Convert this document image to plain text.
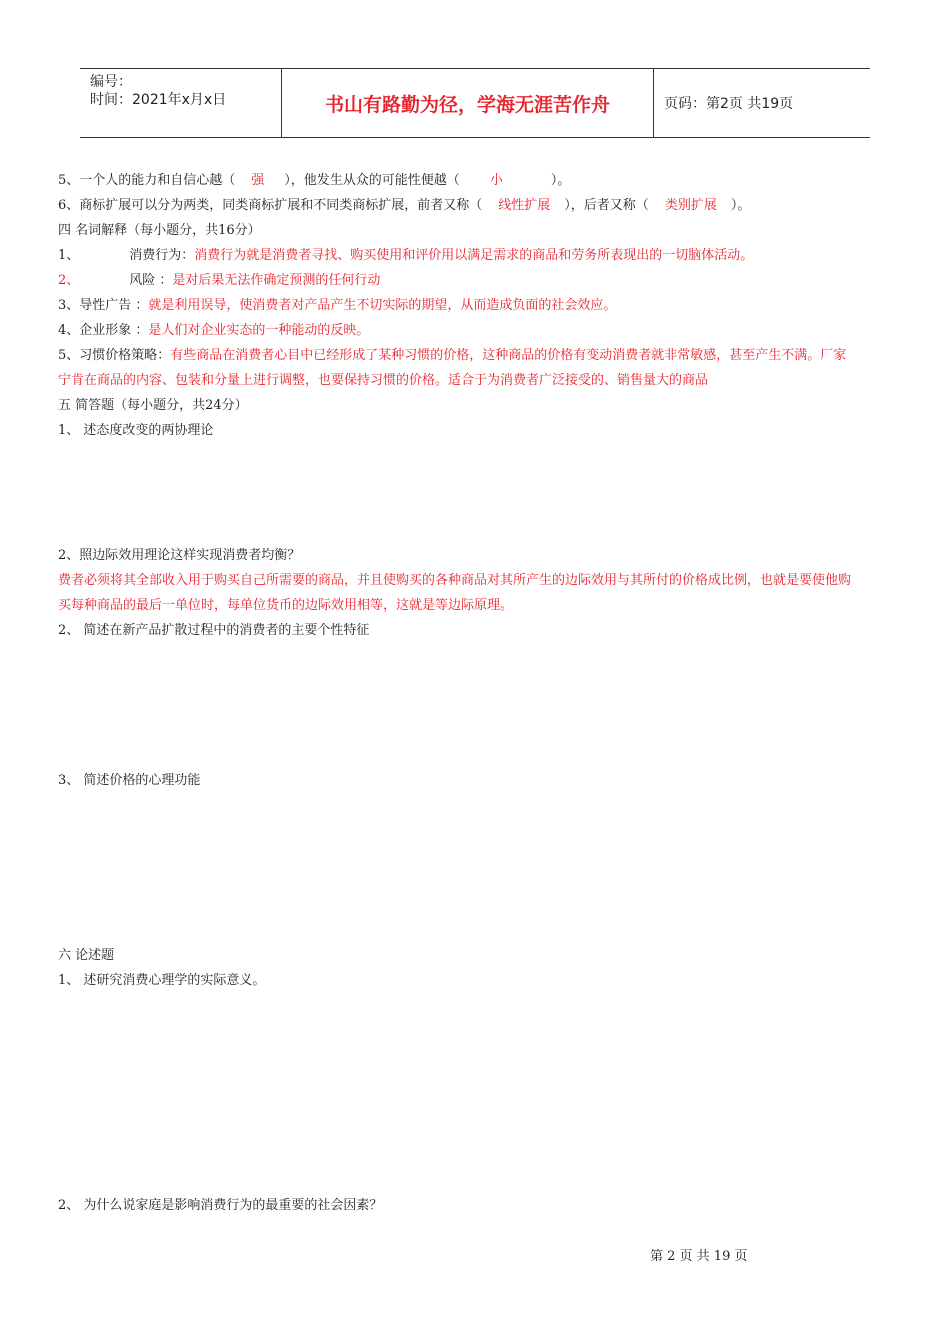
编号：
时间：2021年x月x日	书山有路勤为径，学海无涯苦作舟	页码：第2页 共19页
5、一个人的能力和自信心越（ 强 ），他发生从众的可能性便越（ 小	）。
6、商标扩展可以分为两类，同类商标扩展和不同类商标扩展，前者又称（ 线性扩展 ），后者又称（ 类别扩展 ）。
四 名词解释（每小题分，共16分）
1、	消费行为：消费行为就是消费者寻找、购买使用和评价用以满足需求的商品和劳务所表现出的一切脑体活动。
2、	风险 ：是对后果无法作确定预测的任何行动
3、导性广告 ：就是利用误导，使消费者对产品产生不切实际的期望，从而造成负面的社会效应。
4、企业形象 ：是人们对企业实态的一种能动的反映。
5、习惯价格策略：有些商品在消费者心目中已经形成了某种习惯的价格，这种商品的价格有变动消费者就非常敏感，甚至产生不满。厂家宁肯在商品的内容、包装和分量上进行调整，也要保持习惯的价格。适合于为消费者广泛接受的、销售量大的商品
五 简答题（每小题分，共24分）
1、 述态度改变的两协理论
2、照边际效用理论这样实现消费者均衡？
费者必须将其全部收入用于购买自己所需要的商品，并且使购买的各种商品对其所产生的边际效用与其所付的价格成比例，也就是要使他购买每种商品的最后一单位时，每单位货币的边际效用相等，这就是等边际原理。
2、 简述在新产品扩散过程中的消费者的主要个性特征
3、 简述价格的心理功能
六 论述题
1、 述研究消费心理学的实际意义。
2、 为什么说家庭是影响消费行为的最重要的社会因素？
第 2 页 共 19 页
